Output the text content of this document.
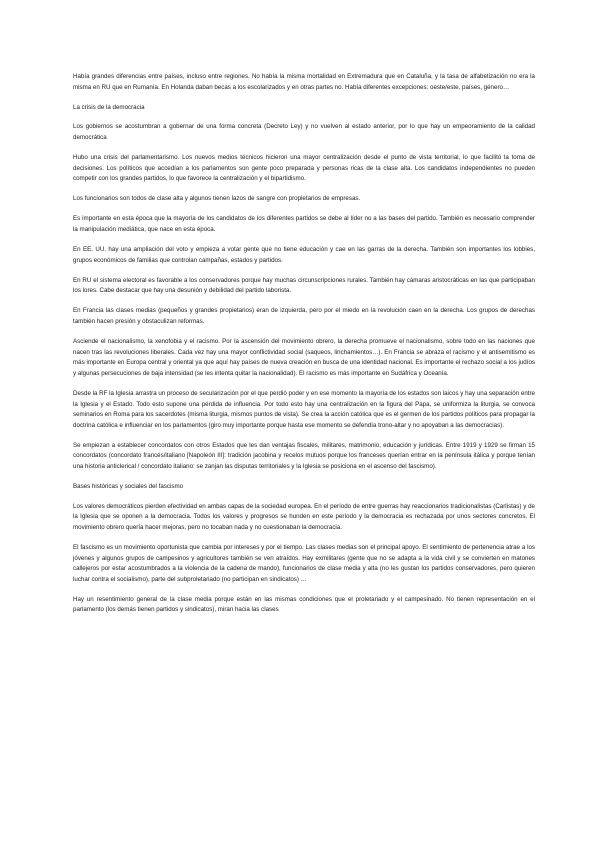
Había grandes diferencias entre países, incluso entre regiones. No había la misma mortalidad en Extremadura que en Cataluña, y la tasa de alfabetización no era la misma en RU que en Rumanía. En Holanda daban becas a los escolarizados y en otras partes no. Había diferentes excepciones: oeste/este, países, género…

La crisis de la democracia

Los gobiernos se acostumbran a gobernar de una forma concreta (Decreto Ley) y no vuelven al estado anterior, por lo que hay un empeoramiento de la calidad democrática

Hubo una crisis del parlamentarismo. Los nuevos medios técnicos hicieron una mayor centralización desde el punto de vista territorial, lo que facilitó la toma de decisiones. Los políticos que accedían a los parlamentos son gente poco preparada y personas ricas de la clase alta. Los candidatos independientes no pueden competir con los grandes partidos, lo que favorece la centralización y el bipartidismo.

Los funcionarios son todos de clase alta y algunos tienen lazos de sangre con propietarios de empresas.

Es importante en esta época que la mayoría de los candidatos de los diferentes partidos se debe al líder no a las bases del partido. También es necesario comprender la manipulación mediática, que nace en esta época.

En EE. UU. hay una ampliación del voto y empieza a votar gente que no tiene educación y cae en las garras de la derecha. También son importantes los lobbies, grupos económicos de familias que controlan campañas, estados y partidos.

En RU el sistema electoral es favorable a los conservadores porque hay muchas circunscripciones rurales. También hay cámaras aristocráticas en las que participaban los lores. Cabe destacar que hay una desunión y debilidad del partido laborista.

En Francia las clases medias (pequeños y grandes propietarios) eran de izquierda, pero por el miedo en la revolución caen en la derecha. Los grupos de derechas también hacen presión y obstaculizan reformas.

Asciende el nacionalismo, la xenofobia y el racismo. Por la ascensión del movimiento obrero, la derecha promueve el nacionalismo, sobre todo en las naciones que nacen tras las revoluciones liberales. Cada vez hay una mayor conflictividad social (saqueos, linchamientos…). En Francia se abraza el racismo y el antisemitismo es más importante en Europa central y oriental ya que aquí hay países de nueva creación en busca de una identidad nacional. Es importante el rechazo social a los judíos y algunas persecuciones de baja intensidad (se les intenta quitar la nacionalidad). El racismo es más importante en Sudáfrica y Oceanía.

Desde la RF la Iglesia arrastra un proceso de secularización por el que perdió poder y en ese momento la mayoría de los estados son laicos y hay una separación entre la Iglesia y el Estado. Todo esto supone una pérdida de influencia. Por todo esto hay una centralización en la figura del Papa, se uniformiza la liturgia, se convoca seminarios en Roma para los sacerdotes (misma liturgia, mismos puntos de vista). Se crea la acción católica que es el germen de los partidos políticos para propagar la doctrina católica e influenciar en los parlamentos (giro muy importante porque hasta ese momento se defendía trono-altar y no apoyaban a las democracias).

Se empiezan a establecer concordatos con otros Estados que les dan ventajas fiscales, militares, matrimonio, educación y jurídicas. Entre 1919 y 1929 se firman 15 concordatos (concordato francés/italiano [Napoleón III]: tradición jacobina y recelos mutuos porque los franceses querían entrar en la península itálica y porque tenían una historia anticlerical / concordato italiano: se zanjan las disputas territoriales y la Iglesia se posiciona en el ascenso del fascismo).

Bases históricas y sociales del fascismo

Los valores democráticos pierden efectividad en ambas capas de la sociedad europea. En el período de entre guerras hay reaccionarios tradicionalistas (Carlistas) y de la Iglesia que se oponen a la democracia. Todos los valores y progresos se hunden en este período y la democracia es rechazada por unos sectores concretos. El movimiento obrero quería hacer mejoras, pero no tocaban nada y no cuestionaban la democracia.

El fascismo es un movimiento oportunista que cambia por intereses y por el tiempo. Las clases medias son el principal apoyo. El sentimiento de pertenencia atrae a los jóvenes y algunos grupos de campesinos y agricultores también se ven atraídos. Hay exmilitares (gente que no se adapta a la vida civil y se convierten en matones callejeros por estar acostumbrados a la violencia de la cadena de mando), funcionarios de clase media y alta (no les gustan los partidos conservadores, pero quieren luchar contra el socialismo), parte del subproletariado (no participan en sindicatos) …

Hay un resentimiento general de la clase media porque están en las mismas condiciones que el proletariado y el campesinado. No tienen representación en el parlamento (los demás tienen partidos y sindicatos), miran hacia las clases
